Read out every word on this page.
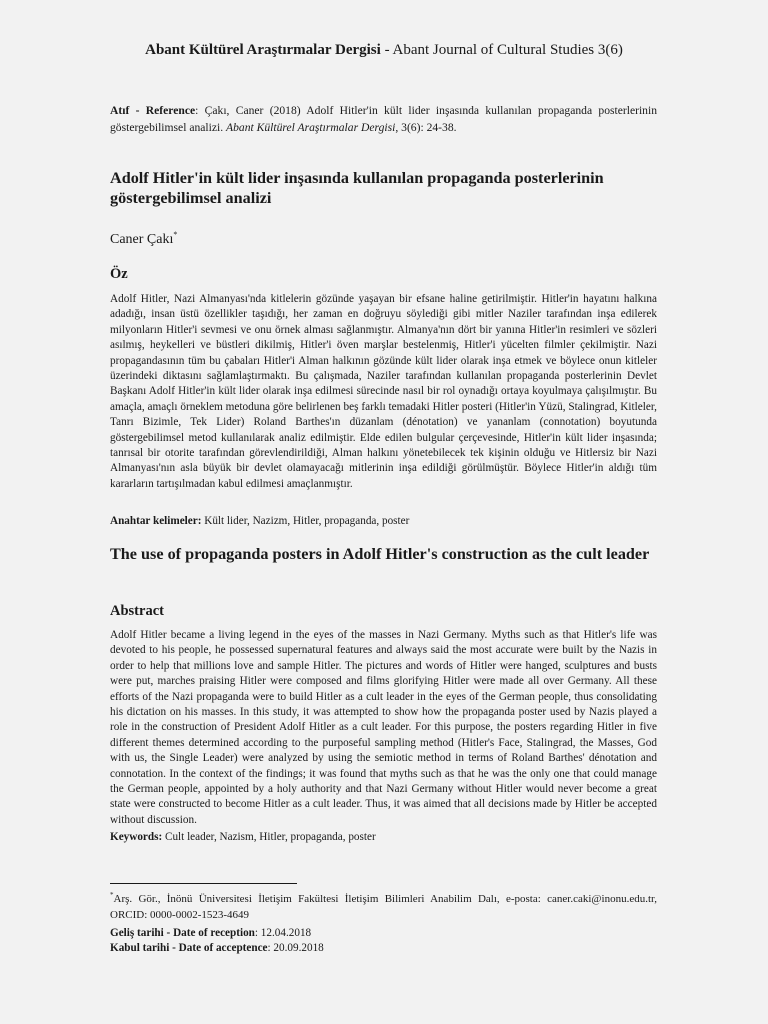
Abant Kültürel Araştırmalar Dergisi - Abant Journal of Cultural Studies 3(6)
Atıf - Reference: Çakı, Caner (2018) Adolf Hitler'in kült lider inşasında kullanılan propaganda posterlerinin göstergebilimsel analizi. Abant Kültürel Araştırmalar Dergisi, 3(6): 24-38.
Adolf Hitler'in kült lider inşasında kullanılan propaganda posterlerinin göstergebilimsel analizi
Caner Çakı*
Öz

Adolf Hitler, Nazi Almanyası'nda kitlelerin gözünde yaşayan bir efsane haline getirilmiştir. Hitler'in hayatını halkına adadığı, insan üstü özellikler taşıdığı, her zaman en doğruyu söylediği gibi mitler Naziler tarafından inşa edilerek milyonların Hitler'i sevmesi ve onu örnek alması sağlanmıştır. Almanya'nın dört bir yanına Hitler'in resimleri ve sözleri asılmış, heykelleri ve büstleri dikilmiş, Hitler'i öven marşlar bestelenmiş, Hitler'i yücelten filmler çekilmiştir. Nazi propagandasının tüm bu çabaları Hitler'i Alman halkının gözünde kült lider olarak inşa etmek ve böylece onun kitleler üzerindeki diktasını sağlamlaştırmaktı. Bu çalışmada, Naziler tarafından kullanılan propaganda posterlerinin Devlet Başkanı Adolf Hitler'in kült lider olarak inşa edilmesi sürecinde nasıl bir rol oynadığı ortaya koyulmaya çalışılmıştır. Bu amaçla, amaçlı örneklem metoduna göre belirlenen beş farklı temadaki Hitler posteri (Hitler'in Yüzü, Stalingrad, Kitleler, Tanrı Bizimle, Tek Lider) Roland Barthes'ın düzanlam (dénotation) ve yananlam (connotation) boyutunda göstergebilimsel metod kullanılarak analiz edilmiştir. Elde edilen bulgular çerçevesinde, Hitler'in kült lider inşasında; tanrısal bir otorite tarafından görevlendirildiği, Alman halkını yönetebilecek tek kişinin olduğu ve Hitlersiz bir Nazi Almanyası'nın asla büyük bir devlet olamayacağı mitlerinin inşa edildiği görülmüştür. Böylece Hitler'in aldığı tüm kararların tartışılmadan kabul edilmesi amaçlanmıştır.

Anahtar kelimeler: Kült lider, Nazizm, Hitler, propaganda, poster
The use of propaganda posters in Adolf Hitler's construction as the cult leader
Abstract

Adolf Hitler became a living legend in the eyes of the masses in Nazi Germany. Myths such as that Hitler's life was devoted to his people, he possessed supernatural features and always said the most accurate were built by the Nazis in order to help that millions love and sample Hitler. The pictures and words of Hitler were hanged, sculptures and busts were put, marches praising Hitler were composed and films glorifying Hitler were made all over Germany. All these efforts of the Nazi propaganda were to build Hitler as a cult leader in the eyes of the German people, thus consolidating his dictation on his masses. In this study, it was attempted to show how the propaganda poster used by Nazis played a role in the construction of President Adolf Hitler as a cult leader. For this purpose, the posters regarding Hitler in five different themes determined according to the purposeful sampling method (Hitler's Face, Stalingrad, the Masses, God with us, the Single Leader) were analyzed by using the semiotic method in terms of Roland Barthes' dénotation and connotation. In the context of the findings; it was found that myths such as that he was the only one that could manage the German people, appointed by a holy authority and that Nazi Germany without Hitler would never become a great state were constructed to become Hitler as a cult leader. Thus, it was aimed that all decisions made by Hitler be accepted without discussion.

Keywords: Cult leader, Nazism, Hitler, propaganda, poster
*Arş. Gör., İnönü Üniversitesi İletişim Fakültesi İletişim Bilimleri Anabilim Dalı, e-posta: caner.caki@inonu.edu.tr, ORCID: 0000-0002-1523-4649
Geliş tarihi - Date of reception: 12.04.2018
Kabul tarihi - Date of acceptence: 20.09.2018
